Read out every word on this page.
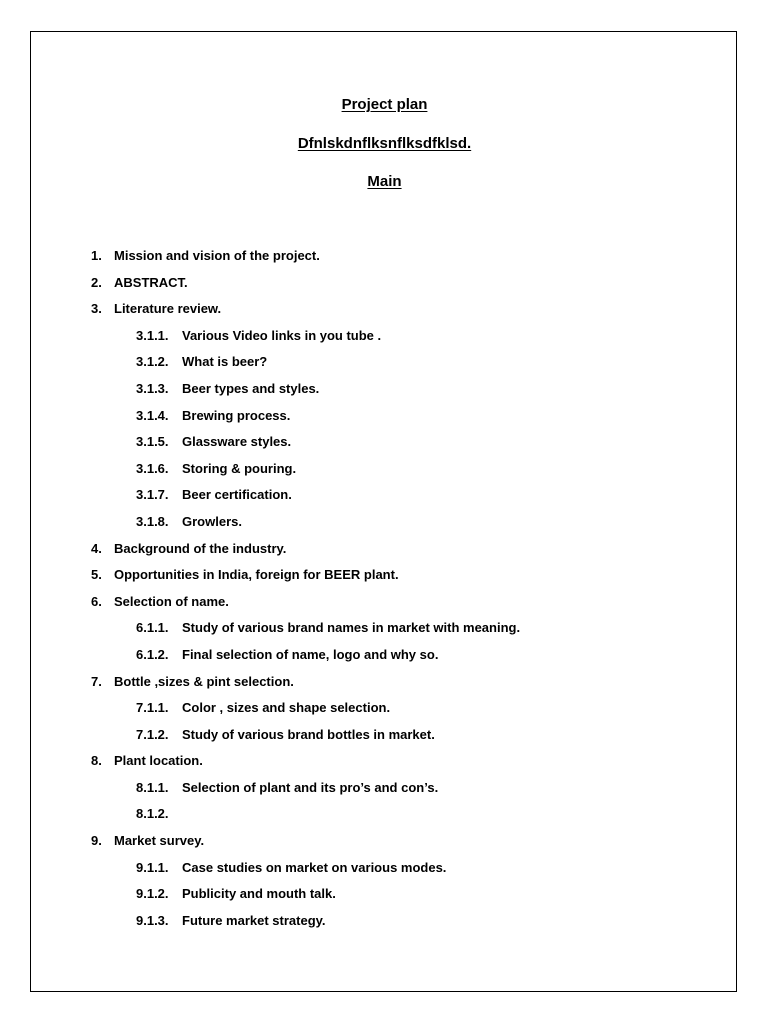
Project plan
Dfnlskdnflksnflksdfklsd.
Main
1. Mission and vision of the project.
2. ABSTRACT.
3. Literature review.
3.1.1. Various Video links in you tube .
3.1.2. What is beer?
3.1.3. Beer types and styles.
3.1.4. Brewing process.
3.1.5. Glassware styles.
3.1.6. Storing & pouring.
3.1.7. Beer certification.
3.1.8. Growlers.
4. Background of the industry.
5. Opportunities in India, foreign for BEER plant.
6. Selection of name.
6.1.1. Study of various brand names in market with meaning.
6.1.2. Final selection of name, logo and why so.
7. Bottle ,sizes & pint selection.
7.1.1. Color , sizes and shape selection.
7.1.2. Study of various brand bottles in market.
8. Plant location.
8.1.1. Selection of plant and its pro’s and con’s.
8.1.2.
9. Market survey.
9.1.1. Case studies on market on various modes.
9.1.2. Publicity and mouth talk.
9.1.3. Future market strategy.
